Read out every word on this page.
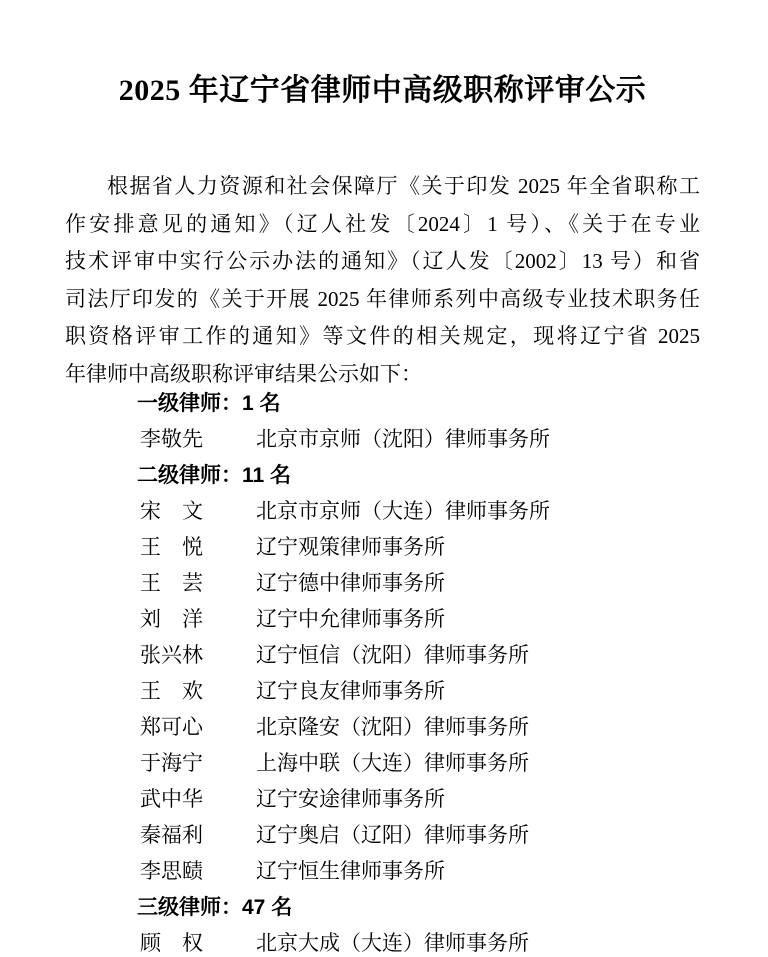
2025 年辽宁省律师中高级职称评审公示
根据省人力资源和社会保障厅《关于印发 2025 年全省职称工
作安排意见的通知》（辽人社发〔2024〕1 号）、《关于在专业
技术评审中实行公示办法的通知》（辽人发〔2002〕13 号）和省
司法厅印发的《关于开展 2025 年律师系列中高级专业技术职务任
职资格评审工作的通知》等文件的相关规定，现将辽宁省 2025
年律师中高级职称评审结果公示如下：
一级律师：1 名
李敬先	北京市京师（沈阳）律师事务所
二级律师：11 名
宋　文	北京市京师（大连）律师事务所
王　悦	辽宁观策律师事务所
王　芸	辽宁德中律师事务所
刘　洋	辽宁中允律师事务所
张兴林	辽宁恒信（沈阳）律师事务所
王　欢	辽宁良友律师事务所
郑可心	北京隆安（沈阳）律师事务所
于海宁	上海中联（大连）律师事务所
武中华	辽宁安途律师事务所
秦福利	辽宁奥启（辽阳）律师事务所
李思赜	辽宁恒生律师事务所
三级律师：47 名
顾　权	北京大成（大连）律师事务所
